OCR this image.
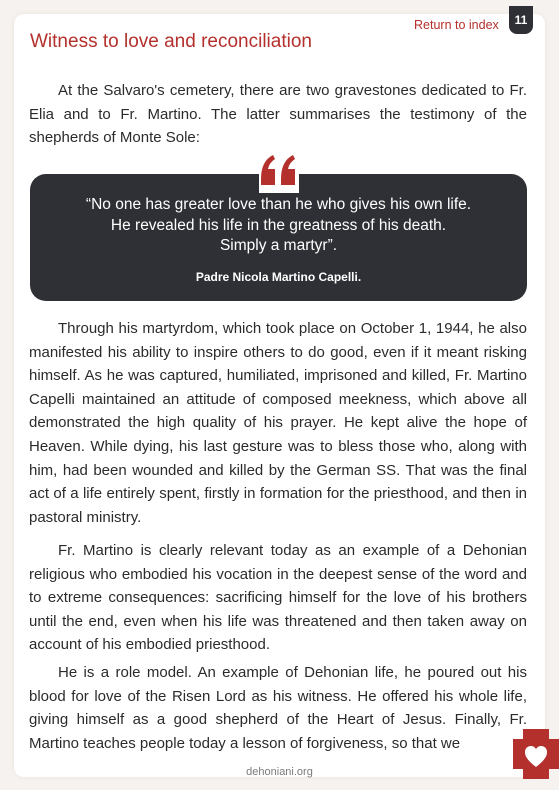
Return to index	11
Witness to love and reconciliation

At the Salvaro's cemetery, there are two gravestones dedicated to Fr. Elia and to Fr. Martino. The latter summarises the testimony of the shepherds of Monte Sole:

“No one has greater love than he who gives his own life.
He revealed his life in the greatness of his death.
Simply a martyr”.

Padre Nicola Martino Capelli.

Through his martyrdom, which took place on October 1, 1944, he also manifested his ability to inspire others to do good, even if it meant risking himself. As he was captured, humiliated, imprisoned and killed, Fr. Martino Capelli maintained an attitude of composed meekness, which above all demonstrated the high quality of his prayer. He kept alive the hope of Heaven. While dying, his last gesture was to bless those who, along with him, had been wounded and killed by the German SS. That was the final act of a life entirely spent, firstly in formation for the priesthood, and then in pastoral ministry.

Fr. Martino is clearly relevant today as an example of a Dehonian religious who embodied his vocation in the deepest sense of the word and to extreme consequences: sacrificing himself for the love of his brothers until the end, even when his life was threatened and then taken away on account of his embodied priesthood.

He is a role model. An example of Dehonian life, he poured out his blood for love of the Risen Lord as his witness. He offered his whole life, giving himself as a good shepherd of the Heart of Jesus. Finally, Fr. Martino teaches people today a lesson of forgiveness, so that we

dehoniani.org
